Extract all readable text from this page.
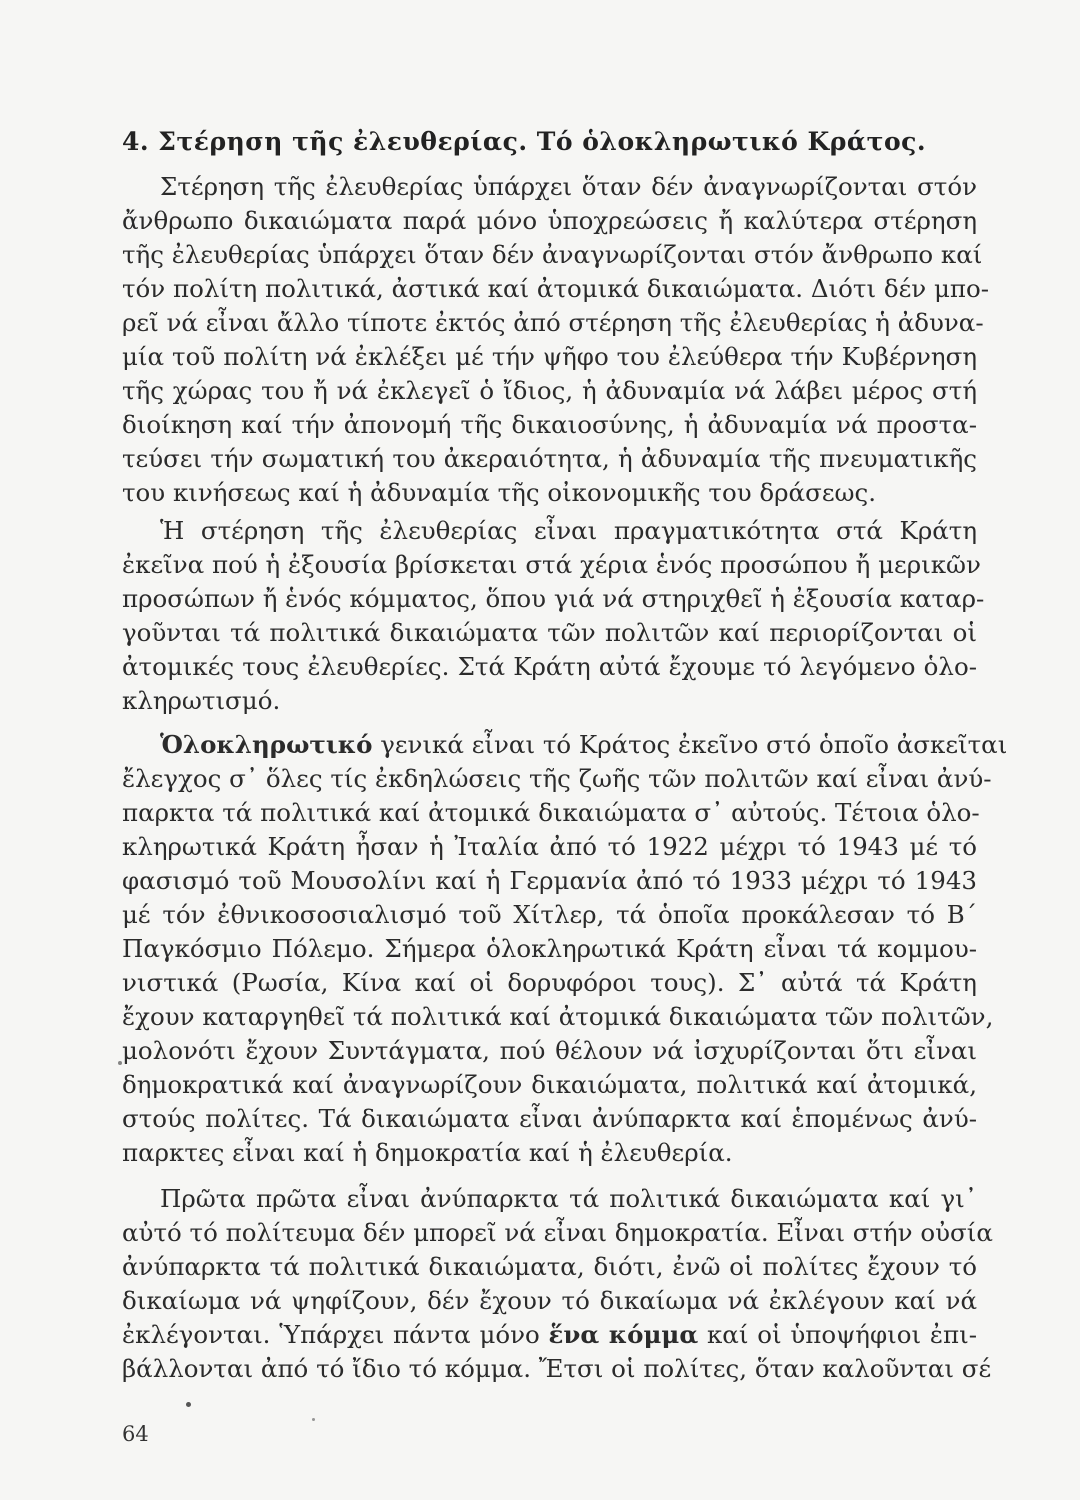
4. Στέρηση τῆς ἐλευθερίας. Τό ὁλοκληρωτικό Κράτος.
Στέρηση τῆς ἐλευθερίας ὑπάρχει ὅταν δέν ἀναγνωρίζονται στόν
ἄνθρωπο δικαιώματα παρά μόνο ὑποχρεώσεις ἤ καλύτερα στέρηση
τῆς ἐλευθερίας ὑπάρχει ὅταν δέν ἀναγνωρίζονται στόν ἄνθρωπο καί
τόν πολίτη πολιτικά, ἀστικά καί ἀτομικά δικαιώματα. Διότι δέν μπο-
ρεῖ νά εἶναι ἄλλο τίποτε ἐκτός ἀπό στέρηση τῆς ἐλευθερίας ἡ ἀδυνα-
μία τοῦ πολίτη νά ἐκλέξει μέ τήν ψῆφο του ἐλεύθερα τήν Κυβέρνηση
τῆς χώρας του ἤ νά ἐκλεγεῖ ὁ ἴδιος, ἡ ἀδυναμία νά λάβει μέρος στή
διοίκηση καί τήν ἀπονομή τῆς δικαιοσύνης, ἡ ἀδυναμία νά προστα-
τεύσει τήν σωματική του ἀκεραιότητα, ἡ ἀδυναμία τῆς πνευματικῆς
του κινήσεως καί ἡ ἀδυναμία τῆς οἰκονομικῆς του δράσεως.
Ἡ στέρηση τῆς ἐλευθερίας εἶναι πραγματικότητα στά Κράτη
ἐκεῖνα πού ἡ ἐξουσία βρίσκεται στά χέρια ἑνός προσώπου ἤ μερικῶν
προσώπων ἤ ἑνός κόμματος, ὅπου γιά νά στηριχθεῖ ἡ ἐξουσία καταρ-
γοῦνται τά πολιτικά δικαιώματα τῶν πολιτῶν καί περιορίζονται οἱ
ἀτομικές τους ἐλευθερίες. Στά Κράτη αὐτά ἔχουμε τό λεγόμενο ὁλο-
κληρωτισμό.
Ὁλοκληρωτικό γενικά εἶναι τό Κράτος ἐκεῖνο στό ὁποῖο ἀσκεῖται
ἔλεγχος σ᾽ ὅλες τίς ἐκδηλώσεις τῆς ζωῆς τῶν πολιτῶν καί εἶναι ἀνύ-
παρκτα τά πολιτικά καί ἀτομικά δικαιώματα σ᾽ αὐτούς. Τέτοια ὁλο-
κληρωτικά Κράτη ἦσαν ἡ Ἰταλία ἀπό τό 1922 μέχρι τό 1943 μέ τό
φασισμό τοῦ Μουσολίνι καί ἡ Γερμανία ἀπό τό 1933 μέχρι τό 1943
μέ τόν ἐθνικοσοσιαλισμό τοῦ Χίτλερ, τά ὁποῖα προκάλεσαν τό Β´
Παγκόσμιο Πόλεμο. Σήμερα ὁλοκληρωτικά Κράτη εἶναι τά κομμου-
νιστικά (Ρωσία, Κίνα καί οἱ δορυφόροι τους). Σ᾽ αὐτά τά Κράτη
ἔχουν καταργηθεῖ τά πολιτικά καί ἀτομικά δικαιώματα τῶν πολιτῶν,
μολονότι ἔχουν Συντάγματα, πού θέλουν νά ἰσχυρίζονται ὅτι εἶναι
δημοκρατικά καί ἀναγνωρίζουν δικαιώματα, πολιτικά καί ἀτομικά,
στούς πολίτες. Τά δικαιώματα εἶναι ἀνύπαρκτα καί ἑπομένως ἀνύ-
παρκτες εἶναι καί ἡ δημοκρατία καί ἡ ἐλευθερία.
Πρῶτα πρῶτα εἶναι ἀνύπαρκτα τά πολιτικά δικαιώματα καί γι᾽
αὐτό τό πολίτευμα δέν μπορεῖ νά εἶναι δημοκρατία. Εἶναι στήν οὐσία
ἀνύπαρκτα τά πολιτικά δικαιώματα, διότι, ἐνῶ οἱ πολίτες ἔχουν τό
δικαίωμα νά ψηφίζουν, δέν ἔχουν τό δικαίωμα νά ἐκλέγουν καί νά
ἐκλέγονται. Ὑπάρχει πάντα μόνο ἕνα κόμμα καί οἱ ὑποψήφιοι ἐπι-
βάλλονται ἀπό τό ἴδιο τό κόμμα. Ἔτσι οἱ πολίτες, ὅταν καλοῦνται σέ
64
